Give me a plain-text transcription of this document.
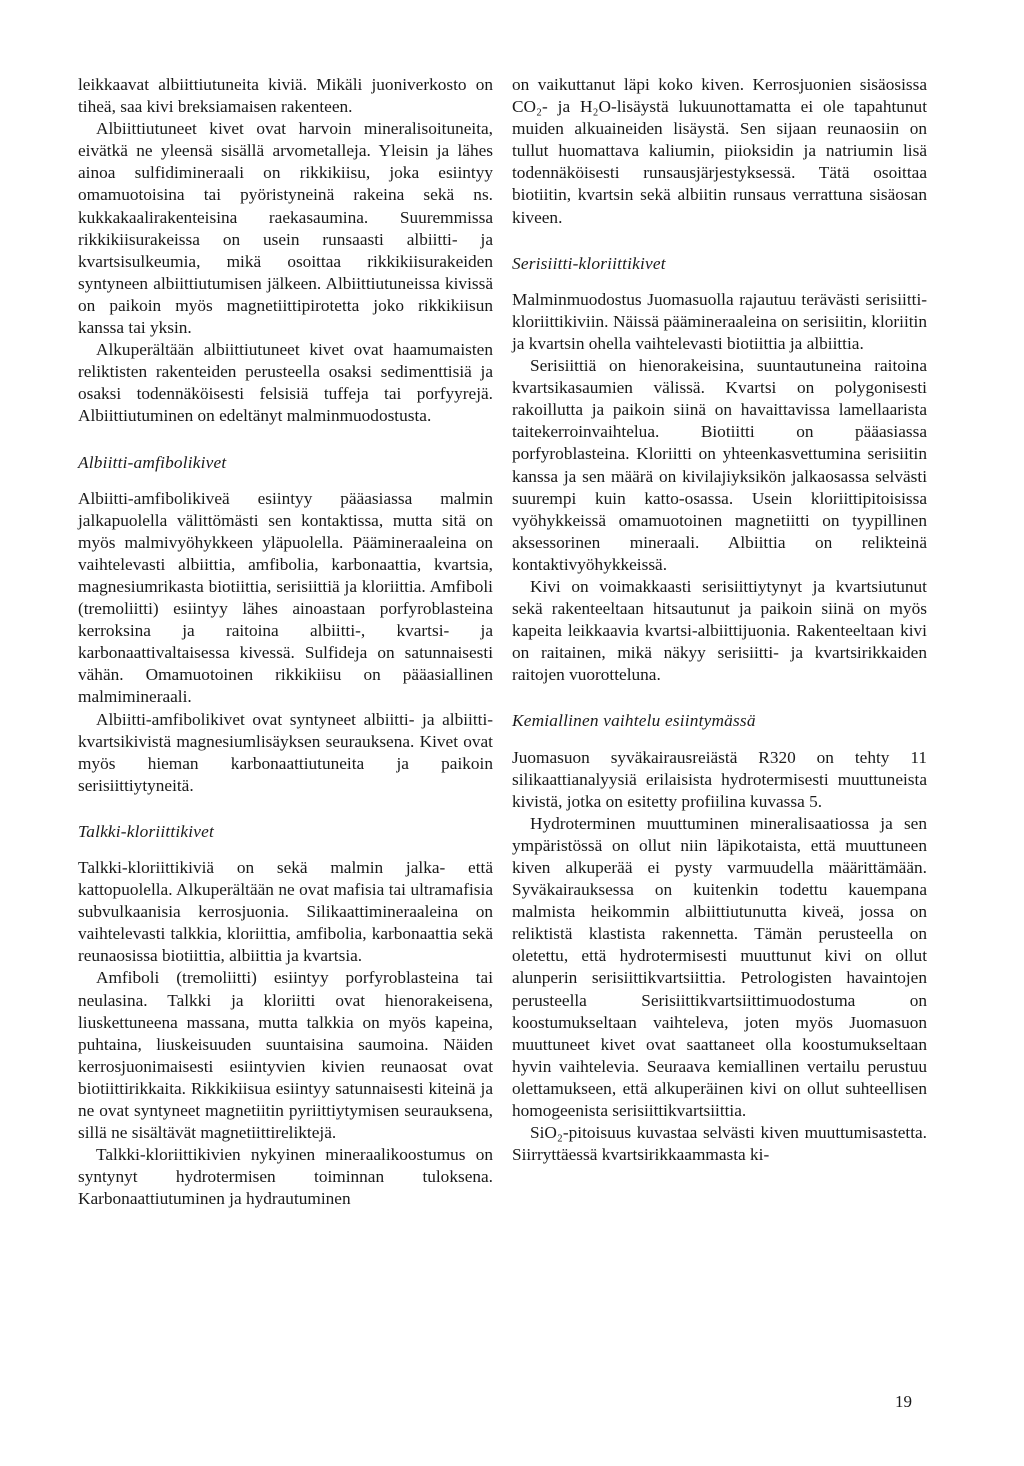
leikkaavat albiittiutuneita kiviä. Mikäli juoniverkosto on tiheä, saa kivi breksiamaisen rakenteen.

Albiittiutuneet kivet ovat harvoin mineralisoituneita, eivätkä ne yleensä sisällä arvometalleja. Yleisin ja lähes ainoa sulfidimineraali on rikkikiisu, joka esiintyy omamuotoisina tai pyöristyneinä rakeina sekä ns. kukkakaalirakenteisina raekasaumina. Suuremmissa rikkikiisurakeissa on usein runsaasti albiitti- ja kvartsisulkeumia, mikä osoittaa rikkikiisurakeiden syntyneen albiittiutumisen jälkeen. Albiittiutuneissa kivissä on paikoin myös magnetiittipirotetta joko rikkikiisun kanssa tai yksin.

Alkuperältään albiittiutuneet kivet ovat haamumaisten reliktisten rakenteiden perusteella osaksi sedimenttisiä ja osaksi todennäköisesti felsisiä tuffeja tai porfyyrejä. Albiittiutuminen on edeltänyt malminmuodostusta.

Albiitti-amfibolikivet

Albiitti-amfibolikiveä esiintyy pääasiassa malmin jalkapuolella välittömästi sen kontaktissa, mutta sitä on myös malmivyöhykkeen yläpuolella. Päämineraaleina on vaihtelevasti albiittia, amfibolia, karbonaattia, kvartsia, magnesiumrikasta biotiittia, serisiittiä ja kloriittia. Amfiboli (tremoliitti) esiintyy lähes ainoastaan porfyroblasteina kerroksina ja raitoina albiitti-, kvartsi- ja karbonaattivaltaisessa kivessä. Sulfideja on satunnaisesti vähän. Omamuotoinen rikkikiisu on pääasiallinen malmimineraali.

Albiitti-amfibolikivet ovat syntyneet albiitti- ja albiitti-kvartsikivistä magnesiumlisäyksen seurauksena. Kivet ovat myös hieman karbonaattiutuneita ja paikoin serisiittiytyneitä.

Talkki-kloriittikivet

Talkki-kloriittikiviä on sekä malmin jalka- että kattopuolella. Alkuperältään ne ovat mafisia tai ultramafisia subvulkaanisia kerrosjuonia. Silikaattimineraaleina on vaihtelevasti talkkia, kloriittia, amfibolia, karbonaattia sekä reunaosissa biotiittia, albiittia ja kvartsia.

Amfiboli (tremoliitti) esiintyy porfyroblasteina tai neulasina. Talkki ja kloriitti ovat hienorakeisena, liuskettuneena massana, mutta talkkia on myös kapeina, puhtaina, liuskeisuuden suuntaisina saumoina. Näiden kerrosjuonimaisesti esiintyvien kivien reunaosat ovat biotiittirikkaita. Rikkikiisua esiintyy satunnaisesti kiteinä ja ne ovat syntyneet magnetiitin pyriittiytymisen seurauksena, sillä ne sisältävät magnetiittireliktejä.

Talkki-kloriittikivien nykyinen mineraalikoostumus on syntynyt hydrotermisen toiminnan tuloksena. Karbonaattiutuminen ja hydrautuminen

on vaikuttanut läpi koko kiven. Kerrosjuonien sisäosissa CO₂- ja H₂O-lisäystä lukuunottamatta ei ole tapahtunut muiden alkuaineiden lisäystä. Sen sijaan reunaosiin on tullut huomattava kaliumin, piioksidin ja natriumin lisä todennäköisesti runsausjärjestyksessä. Tätä osoittaa biotiitin, kvartsin sekä albiitin runsaus verrattuna sisäosan kiveen.

Serisiitti-kloriittikivet

Malminmuodostus Juomasuolla rajautuu terävästi serisiitti-kloriittikiviin. Näissä päämineraaleina on serisiitin, kloriitin ja kvartsin ohella vaihtelevasti biotiittia ja albiittia.

Serisiittiä on hienorakeisina, suuntautuneina raitoina kvartsikasaumien välissä. Kvartsi on polygonisesti rakoillutta ja paikoin siinä on havaittavissa lamellaarista taitekerroinvaihtelua. Biotiitti on pääasiassa porfyroblasteina. Kloriitti on yhteenkasvettumina serisiitin kanssa ja sen määrä on kivilajiyksikön jalkaosassa selvästi suurempi kuin katto-osassa. Usein kloriittipitoisissa vyöhykkeissä omamuotoinen magnetiitti on tyypillinen aksessorinen mineraali. Albiittia on relikteinä kontaktivyöhykkeissä.

Kivi on voimakkaasti serisiittiytynyt ja kvartsiutunut sekä rakenteeltaan hitsautunut ja paikoin siinä on myös kapeita leikkaavia kvartsi-albiittijuonia. Rakenteeltaan kivi on raitainen, mikä näkyy serisiitti- ja kvartsirikkaiden raitojen vuorotteluna.

Kemiallinen vaihtelu esiintymässä

Juomasuon syväkairausreiästä R320 on tehty 11 silikaattianalyysiä erilaisista hydrotermisesti muuttuneista kivistä, jotka on esitetty profiilina kuvassa 5.

Hydroterminen muuttuminen mineralisaatiossa ja sen ympäristössä on ollut niin läpikotaista, että muuttuneen kiven alkuperää ei pysty varmuudella määrittämään. Syväkairauksessa on kuitenkin todettu kauempana malmista heikommin albiittiutunutta kiveä, jossa on reliktistä klastista rakennetta. Tämän perusteella on oletettu, että hydrotermisesti muuttunut kivi on ollut alunperin serisiittikvartsiittia. Petrologisten havaintojen perusteella Serisiittikvartsiittimuodostuma on koostumukseltaan vaihteleva, joten myös Juomasuon muuttuneet kivet ovat saattaneet olla koostumukseltaan hyvin vaihtelevia. Seuraava kemiallinen vertailu perustuu olettamukseen, että alkuperäinen kivi on ollut suhteellisen homogeenista serisiittikvartsiittia.

SiO₂-pitoisuus kuvastaa selvästi kiven muuttumisastetta. Siirryttäessä kvartsirikkaammasta ki-

19
